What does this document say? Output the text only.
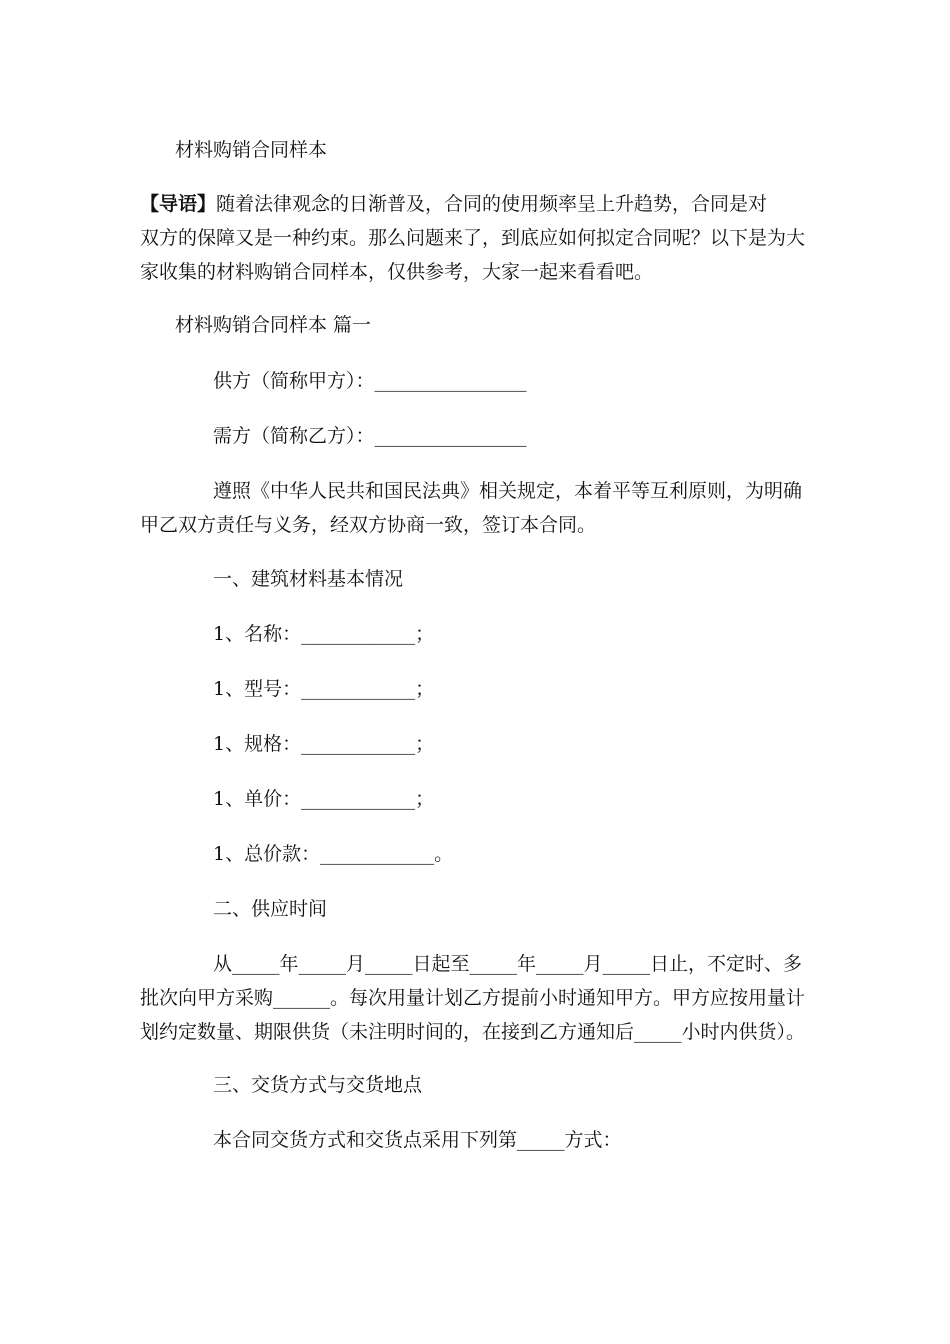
材料购销合同样本

【导语】随着法律观念的日渐普及，合同的使用频率呈上升趋势，合同是对

双方的保障又是一种约束。那么问题来了，到底应如何拟定合同呢？以下是为大

家收集的材料购销合同样本，仅供参考，大家一起来看看吧。

材料购销合同样本 篇一

供方（简称甲方）：________________

需方（简称乙方）：________________

遵照《中华人民共和国民法典》相关规定，本着平等互利原则，为明确

甲乙双方责任与义务，经双方协商一致，签订本合同。

一、建筑材料基本情况

1、名称：____________；

1、型号：____________；

1、规格：____________；

1、单价：____________；

1、总价款：____________。

二、供应时间

从_____年_____月_____日起至_____年_____月_____日止，不定时、多

批次向甲方采购______。每次用量计划乙方提前小时通知甲方。甲方应按用量计

划约定数量、期限供货（未注明时间的，在接到乙方通知后_____小时内供货）。

三、交货方式与交货地点

本合同交货方式和交货点采用下列第_____方式：
